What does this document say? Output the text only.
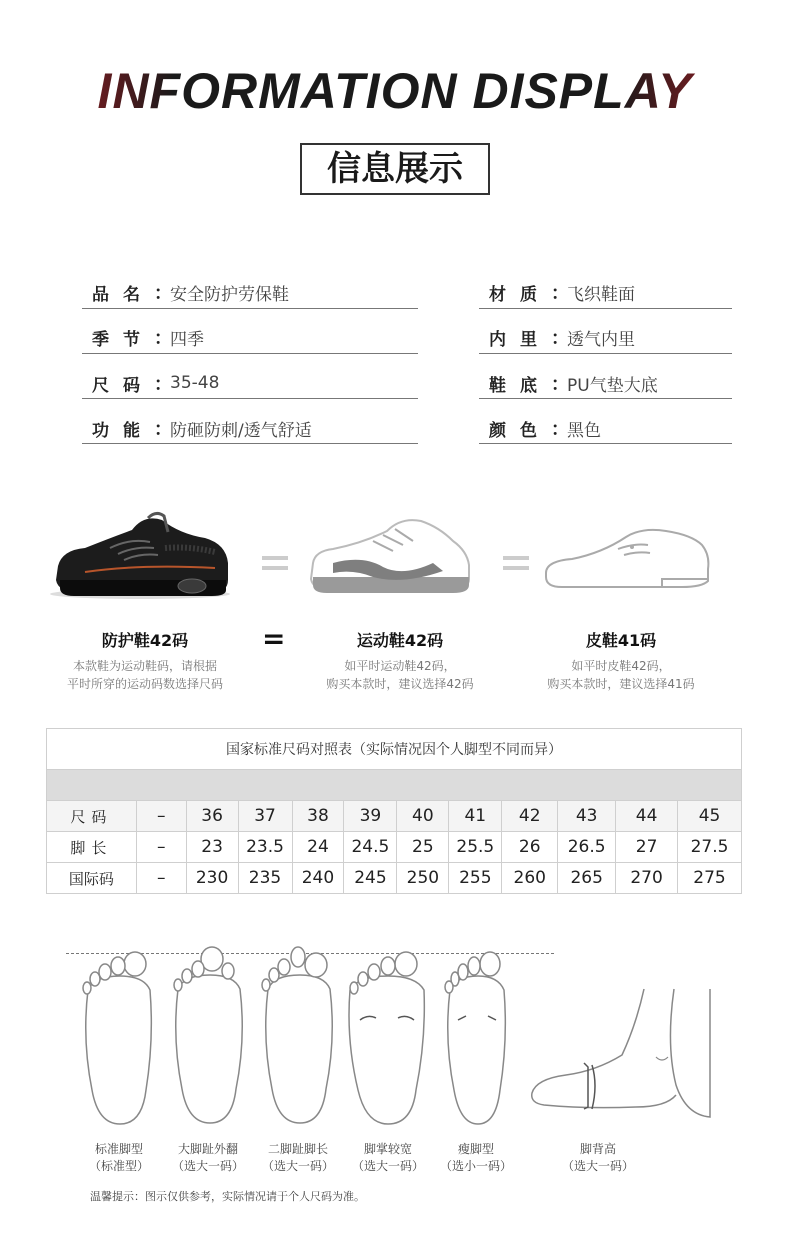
INFORMATION DISPLAY
信息展示
品名 ：
安全防护劳保鞋	材质 ：
飞织鞋面
季节 ：
四季	内里 ：
透气内里
尺码 ：
35-48	鞋底 ：
PU气垫大底
功能 ：
防砸防刺/透气舒适	颜色 ：
黑色
防护鞋42码
本款鞋为运动鞋码，请根据
平时所穿的运动码数选择尺码
=	运动鞋42码
如平时运动鞋42码，
购买本款时，建议选择42码
皮鞋41码
如平时皮鞋42码，
购买本款时，建议选择41码
国家标准尺码对照表（实际情况因个人脚型不同而异）											

尺码	–	36	37	38	39	40	41	42	43	44	45
脚长	–	23	23.5	24	24.5	25	25.5	26	26.5	27	27.5
国际码	–	230	235	240	245	250	255	260	265	270	275
标准脚型
（标准型）
大脚趾外翻
（选大一码）
二脚趾脚长
（选大一码）
脚掌较宽
（选大一码）
瘦脚型
（选小一码）
脚背高
（选大一码）
温馨提示：图示仅供参考，实际情况请于个人尺码为准。
